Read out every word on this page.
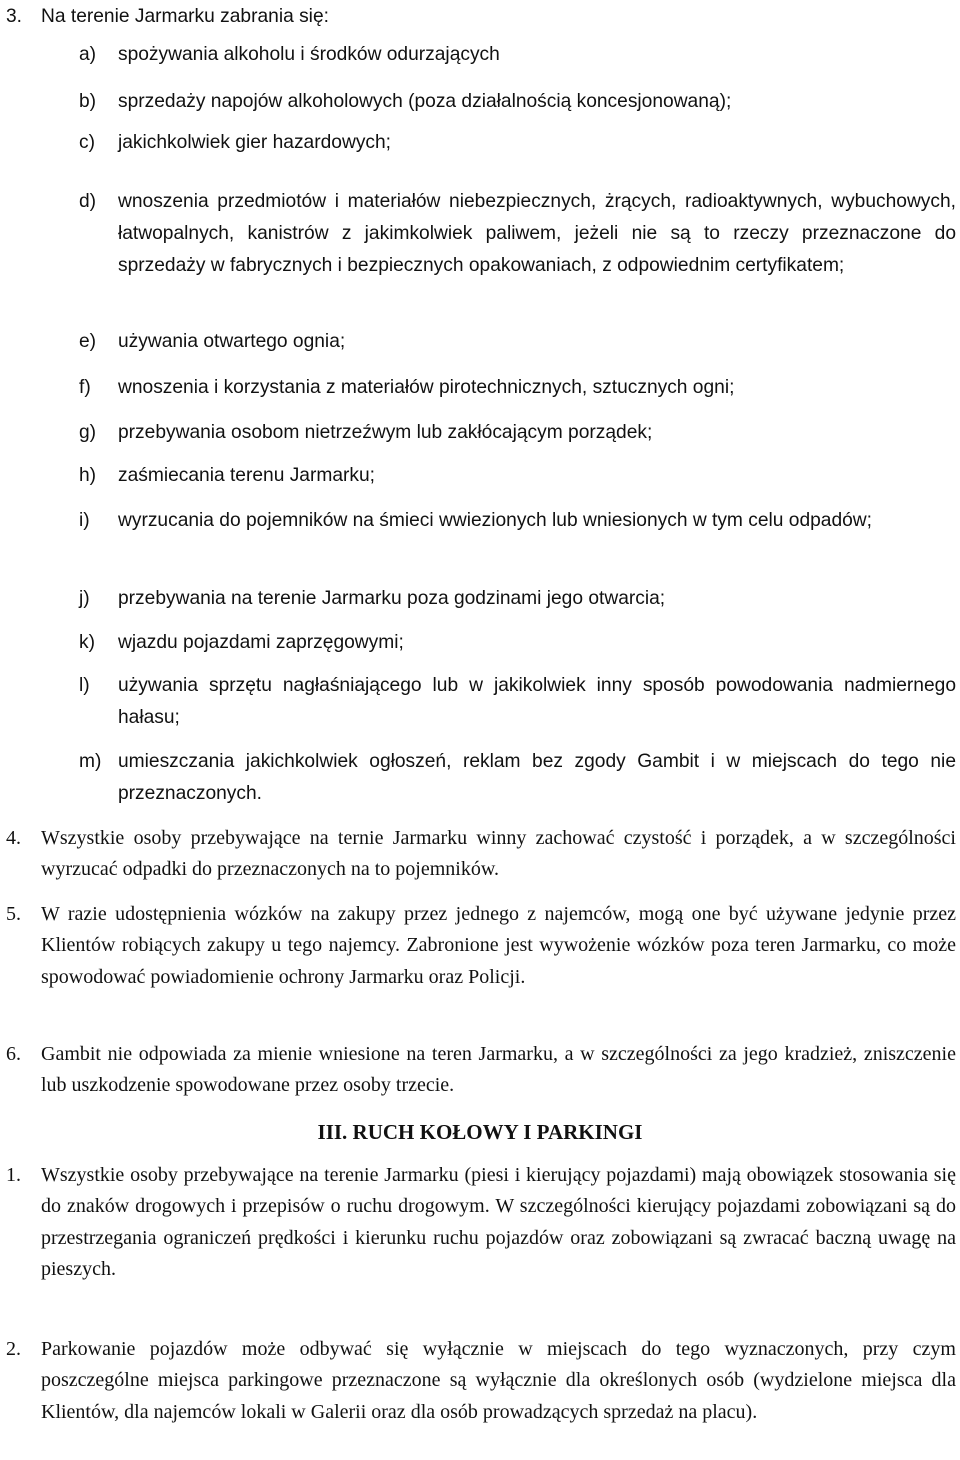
3. Na terenie Jarmarku zabrania się:
a)	spożywania alkoholu i środków odurzających
b)	sprzedaży napojów alkoholowych (poza działalnością koncesjonowaną);
c)	jakichkolwiek gier hazardowych;
d)	wnoszenia przedmiotów i materiałów niebezpiecznych, żrących, radioaktywnych, wybuchowych, łatwopalnych, kanistrów z jakimkolwiek paliwem, jeżeli nie są to rzeczy przeznaczone do sprzedaży w fabrycznych i bezpiecznych opakowaniach, z odpowiednim certyfikatem;
e)	używania otwartego ognia;
f)	wnoszenia i korzystania z materiałów pirotechnicznych, sztucznych ogni;
g)	przebywania osobom nietrzeźwym lub zakłócającym porządek;
h)	zaśmiecania terenu Jarmarku;
i)	wyrzucania do pojemników na śmieci wwiezionych lub wniesionych w tym celu odpadów;
j)	przebywania na terenie Jarmarku poza godzinami jego otwarcia;
k)	wjazdu pojazdami zaprzęgowymi;
l)	używania sprzętu nagłaśniającego lub w jakikolwiek inny sposób powodowania nadmiernego hałasu;
m) umieszczania jakichkolwiek ogłoszeń, reklam bez zgody Gambit i w miejscach do tego nie przeznaczonych.
4.	Wszystkie osoby przebywające na ternie Jarmarku winny zachować czystość i porządek, a w szczególności wyrzucać odpadki do przeznaczonych na to pojemników.
5.	W razie udostępnienia wózków na zakupy przez jednego z najemców, mogą one być używane jedynie przez Klientów robiących zakupy u tego najemcy. Zabronione jest wywożenie wózków poza teren Jarmarku, co może spowodować powiadomienie ochrony Jarmarku oraz Policji.
6.	Gambit nie odpowiada za mienie wniesione na teren Jarmarku, a w szczególności za jego kradzież, zniszczenie lub uszkodzenie spowodowane przez osoby trzecie.
III. RUCH KOŁOWY I PARKINGI
1.	Wszystkie osoby przebywające na terenie Jarmarku (piesi i kierujący pojazdami) mają obowiązek stosowania się do znaków drogowych i przepisów o ruchu drogowym. W szczególności kierujący pojazdami zobowiązani są do przestrzegania ograniczeń prędkości i kierunku ruchu pojazdów oraz zobowiązani są zwracać baczną uwagę na pieszych.
2.	Parkowanie pojazdów może odbywać się wyłącznie w miejscach do tego wyznaczonych, przy czym poszczególne miejsca parkingowe przeznaczone są wyłącznie dla określonych osób (wydzielone miejsca dla Klientów, dla najemców lokali w Galerii oraz dla osób prowadzących sprzedaż na placu).
